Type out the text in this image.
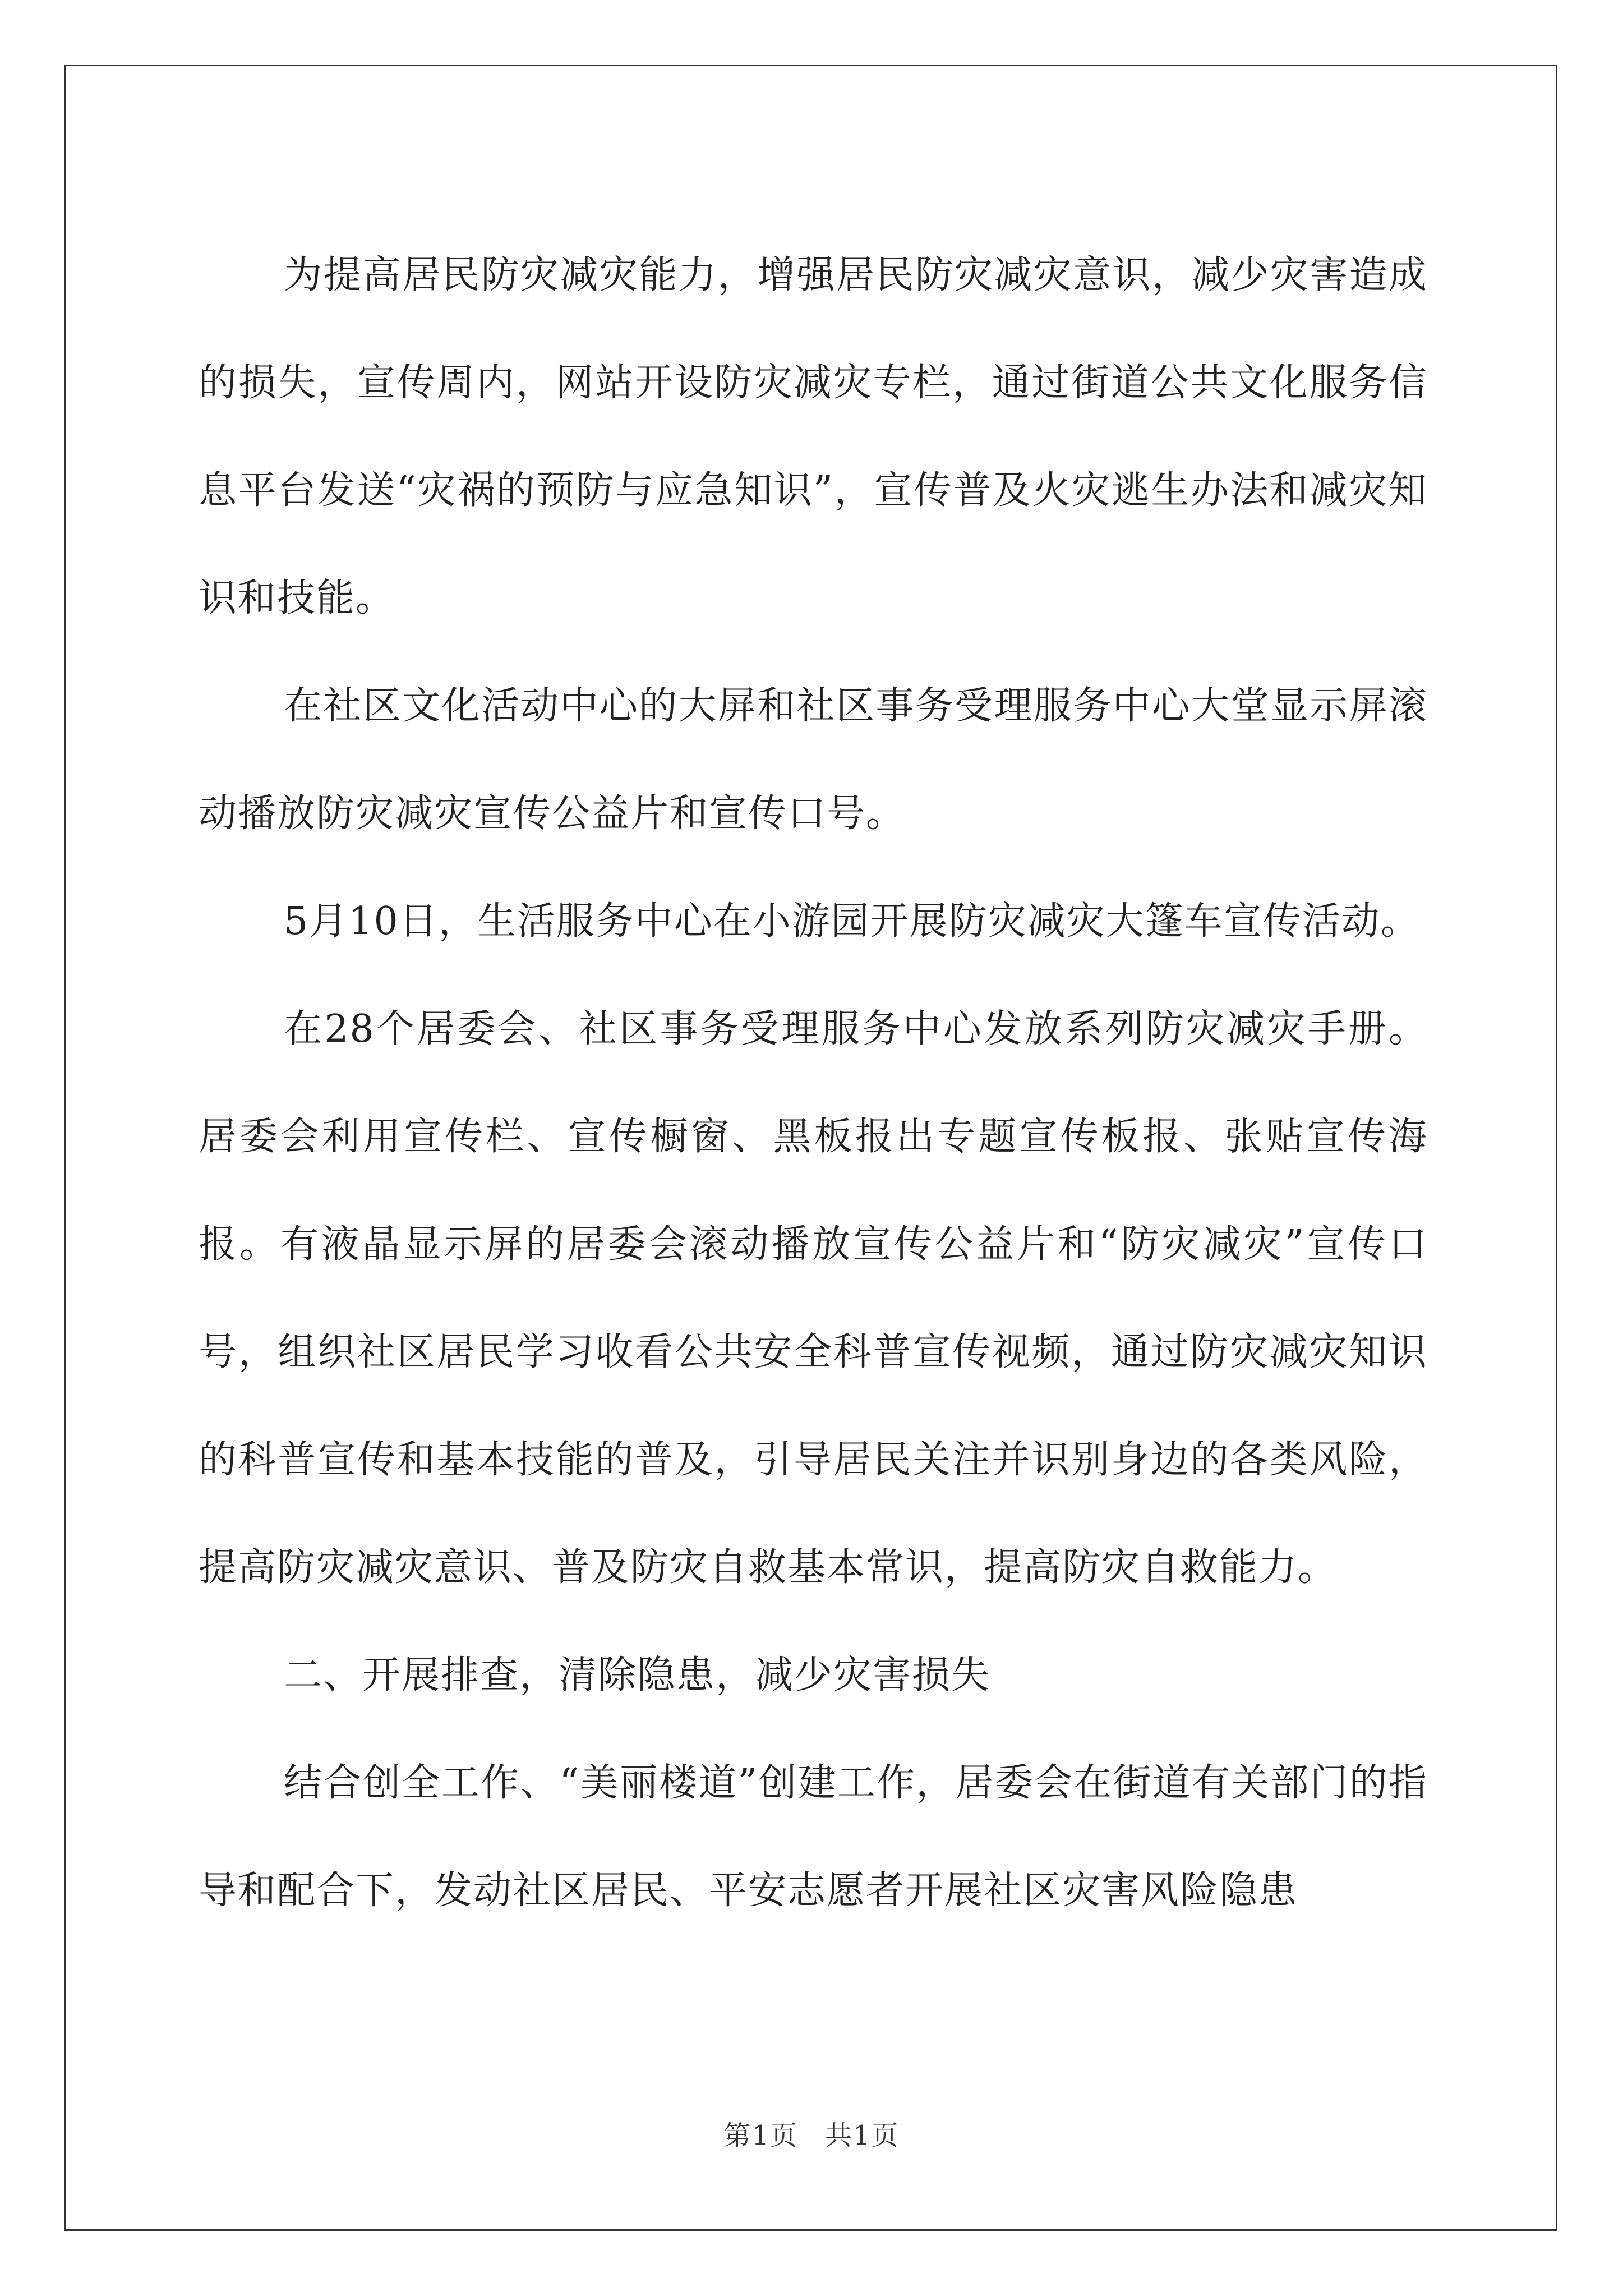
为提高居民防灾减灾能力，增强居民防灾减灾意识，减少灾害造成的损失，宣传周内，网站开设防灾减灾专栏，通过街道公共文化服务信息平台发送“灾祸的预防与应急知识”，宣传普及火灾逃生办法和减灾知识和技能。

在社区文化活动中心的大屏和社区事务受理服务中心大堂显示屏滚动播放防灾减灾宣传公益片和宣传口号。

5月10日，生活服务中心在小游园开展防灾减灾大篷车宣传活动。

在28个居委会、社区事务受理服务中心发放系列防灾减灾手册。居委会利用宣传栏、宣传橱窗、黑板报出专题宣传板报、张贴宣传海报。有液晶显示屏的居委会滚动播放宣传公益片和“防灾减灾”宣传口号，组织社区居民学习收看公共安全科普宣传视频，通过防灾减灾知识的科普宣传和基本技能的普及，引导居民关注并识别身边的各类风险，提高防灾减灾意识、普及防灾自救基本常识，提高防灾自救能力。

二、开展排查，清除隐患，减少灾害损失

结合创全工作、“美丽楼道”创建工作，居委会在街道有关部门的指导和配合下，发动社区居民、平安志愿者开展社区灾害风险隐患

第1页 共1页
